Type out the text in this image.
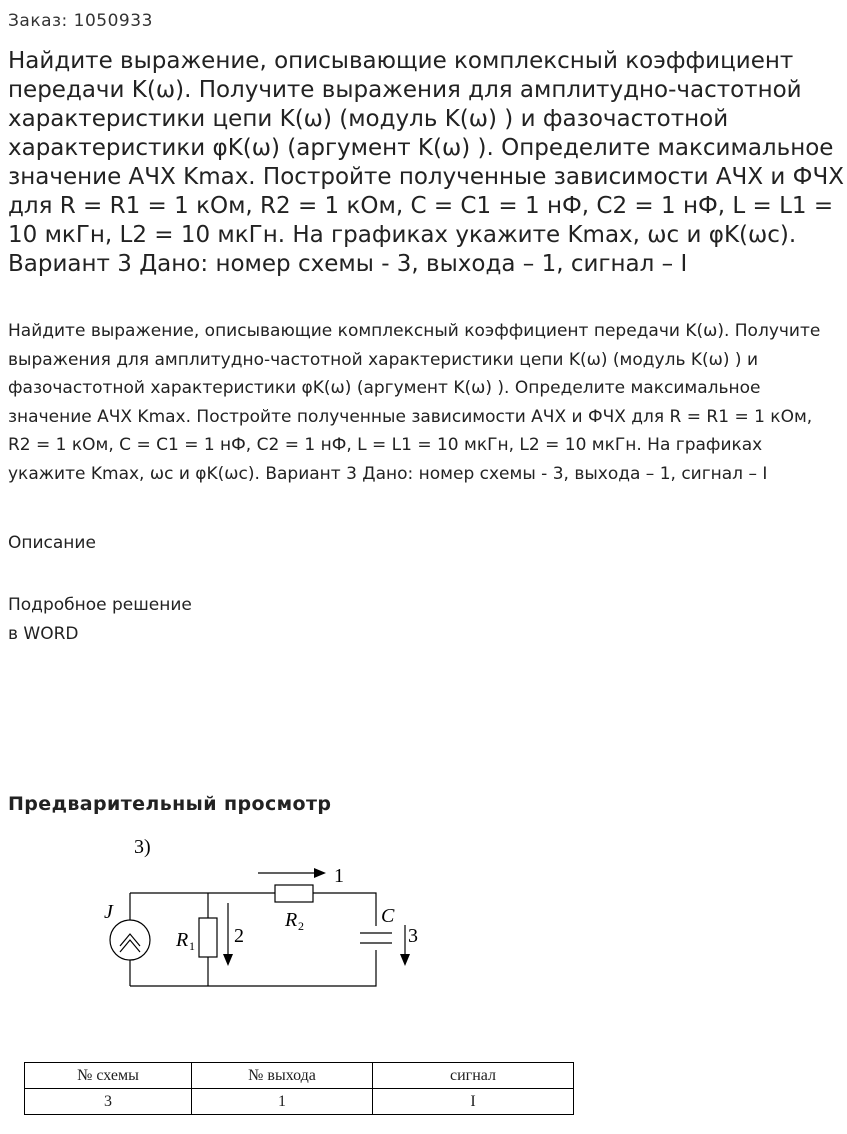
Заказ: 1050933
Найдите выражение, описывающие комплексный коэффициент передачи K(ω). Получите выражения для амплитудно-частотной характеристики цепи K(ω) (модуль K(ω) ) и фазочастотной характеристики φK(ω) (аргумент K(ω) ). Определите максимальное значение АЧХ Kmax. Постройте полученные зависимости АЧХ и ФЧХ для R = R1 = 1 кОм, R2 = 1 кОм, C = C1 = 1 нФ, C2 = 1 нФ, L = L1 = 10 мкГн, L2 = 10 мкГн. На графиках укажите Kmax, ωc и φK(ωc). Вариант 3 Дано: номер схемы - 3, выхода – 1, сигнал – I

Найдите выражение, описывающие комплексный коэффициент передачи K(ω). Получите выражения для амплитудно-частотной характеристики цепи K(ω) (модуль K(ω) ) и фазочастотной характеристики φK(ω) (аргумент K(ω) ). Определите максимальное значение АЧХ Kmax. Постройте полученные зависимости АЧХ и ФЧХ для R = R1 = 1 кОм, R2 = 1 кОм, C = C1 = 1 нФ, C2 = 1 нФ, L = L1 = 10 мкГн, L2 = 10 мкГн. На графиках укажите Kmax, ωc и φK(ωc). Вариант 3 Дано: номер схемы - 3, выхода – 1, сигнал – I

Описание

Подробное решение

в WORD

Предварительный просмотр
3)
J
R 1
R 2	C
1
2	3
№ схемы	№ выхода	сигнал
3	1	I
